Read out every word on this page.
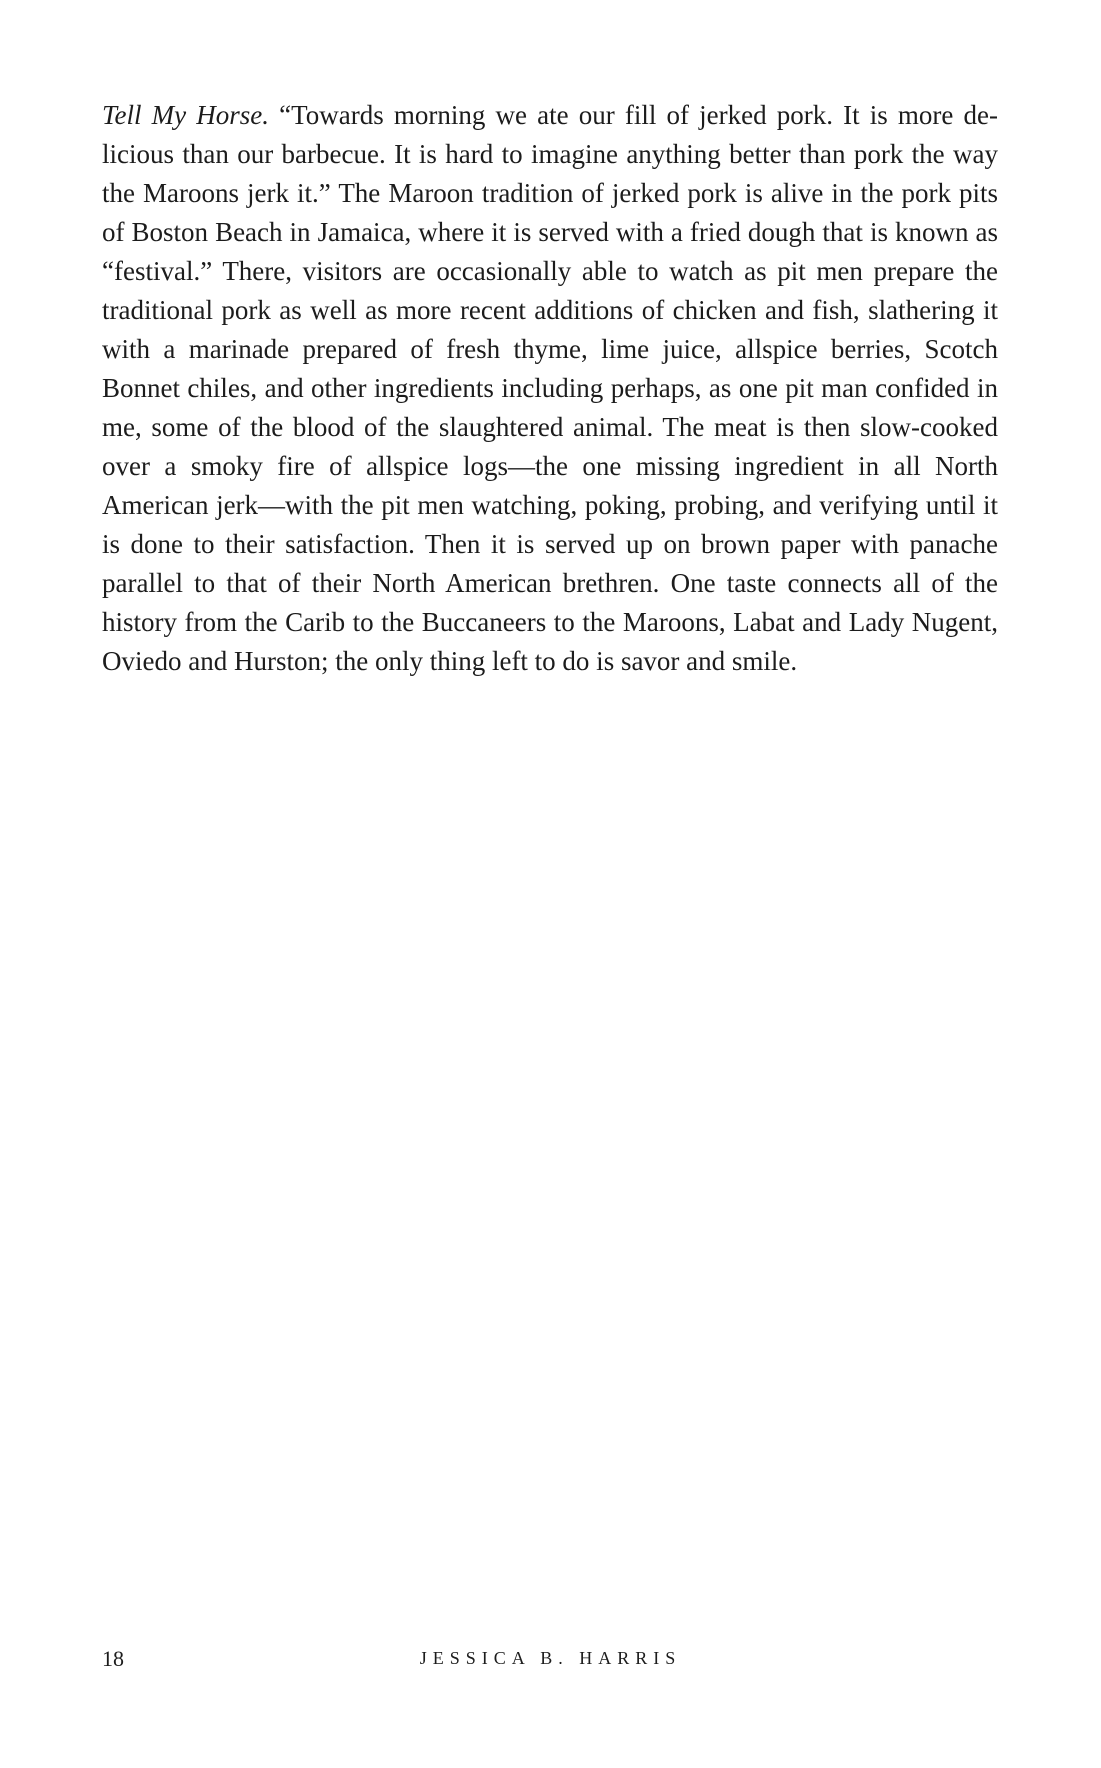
Tell My Horse. “Towards morning we ate our fill of jerked pork. It is more delicious than our barbecue. It is hard to imagine anything better than pork the way the Maroons jerk it.” The Maroon tradition of jerked pork is alive in the pork pits of Boston Beach in Jamaica, where it is served with a fried dough that is known as “festival.” There, visitors are occasionally able to watch as pit men prepare the traditional pork as well as more recent additions of chicken and fish, slathering it with a marinade prepared of fresh thyme, lime juice, allspice berries, Scotch Bonnet chiles, and other ingredients including perhaps, as one pit man confided in me, some of the blood of the slaughtered animal. The meat is then slow-cooked over a smoky fire of allspice logs—the one missing ingredient in all North American jerk—with the pit men watching, poking, probing, and verifying until it is done to their satisfaction. Then it is served up on brown paper with panache parallel to that of their North American brethren. One taste connects all of the history from the Carib to the Buccaneers to the Maroons, Labat and Lady Nugent, Oviedo and Hurston; the only thing left to do is savor and smile.

18	JESSICA B. HARRIS
